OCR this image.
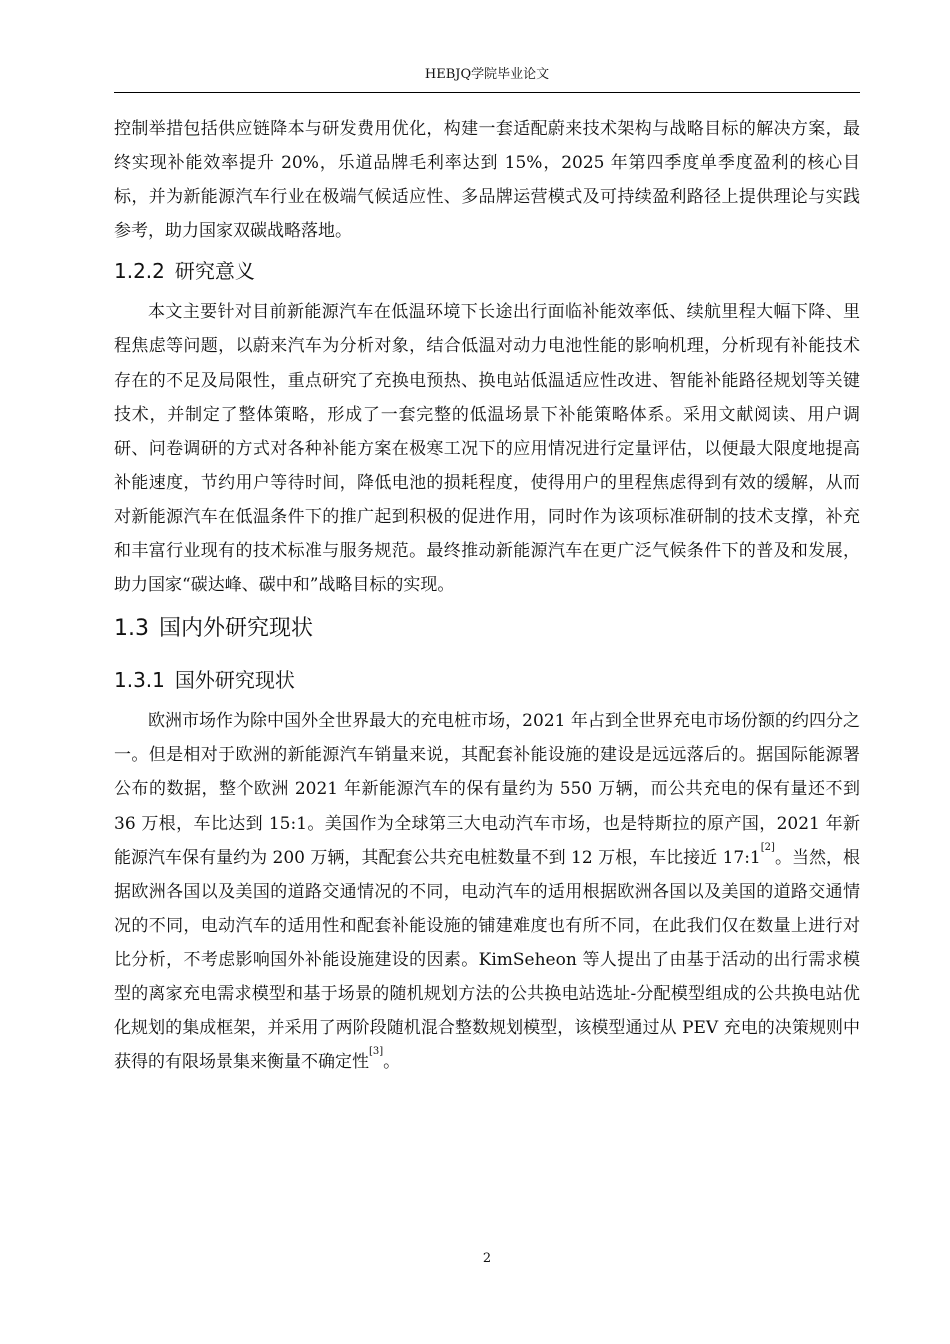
HEBJQ学院毕业论文

控制举措包括供应链降本与研发费用优化，构建一套适配蔚来技术架构与战略目标的解决方案，最终实现补能效率提升 20%，乐道品牌毛利率达到 15%，2025 年第四季度单季度盈利的核心目标，并为新能源汽车行业在极端气候适应性、多品牌运营模式及可持续盈利路径上提供理论与实践参考，助力国家双碳战略落地。

1.2.2 研究意义

本文主要针对目前新能源汽车在低温环境下长途出行面临补能效率低、续航里程大幅下降、里程焦虑等问题，以蔚来汽车为分析对象，结合低温对动力电池性能的影响机理，分析现有补能技术存在的不足及局限性，重点研究了充换电预热、换电站低温适应性改进、智能补能路径规划等关键技术，并制定了整体策略，形成了一套完整的低温场景下补能策略体系。采用文献阅读、用户调研、问卷调研的方式对各种补能方案在极寒工况下的应用情况进行定量评估，以便最大限度地提高补能速度，节约用户等待时间，降低电池的损耗程度，使得用户的里程焦虑得到有效的缓解，从而对新能源汽车在低温条件下的推广起到积极的促进作用，同时作为该项标准研制的技术支撑，补充和丰富行业现有的技术标准与服务规范。最终推动新能源汽车在更广泛气候条件下的普及和发展，助力国家“碳达峰、碳中和”战略目标的实现。

1.3 国内外研究现状
1.3.1 国外研究现状

欧洲市场作为除中国外全世界最大的充电桩市场，2021 年占到全世界充电市场份额的约四分之一。但是相对于欧洲的新能源汽车销量来说，其配套补能设施的建设是远远落后的。据国际能源署公布的数据，整个欧洲 2021 年新能源汽车的保有量约为 550 万辆，而公共充电的保有量还不到 36 万根，车比达到 15:1。美国作为全球第三大电动汽车市场，也是特斯拉的原产国，2021 年新能源汽车保有量约为 200 万辆，其配套公共充电桩数量不到 12 万根，车比接近 17:1[2]。当然，根据欧洲各国以及美国的道路交通情况的不同，电动汽车的适用根据欧洲各国以及美国的道路交通情况的不同，电动汽车的适用性和配套补能设施的铺建难度也有所不同，在此我们仅在数量上进行对比分析，不考虑影响国外补能设施建设的因素。KimSeheon 等人提出了由基于活动的出行需求模型的离家充电需求模型和基于场景的随机规划方法的公共换电站选址-分配模型组成的公共换电站优化规划的集成框架，并采用了两阶段随机混合整数规划模型，该模型通过从 PEV 充电的决策规则中获得的有限场景集来衡量不确定性[3]。

2
